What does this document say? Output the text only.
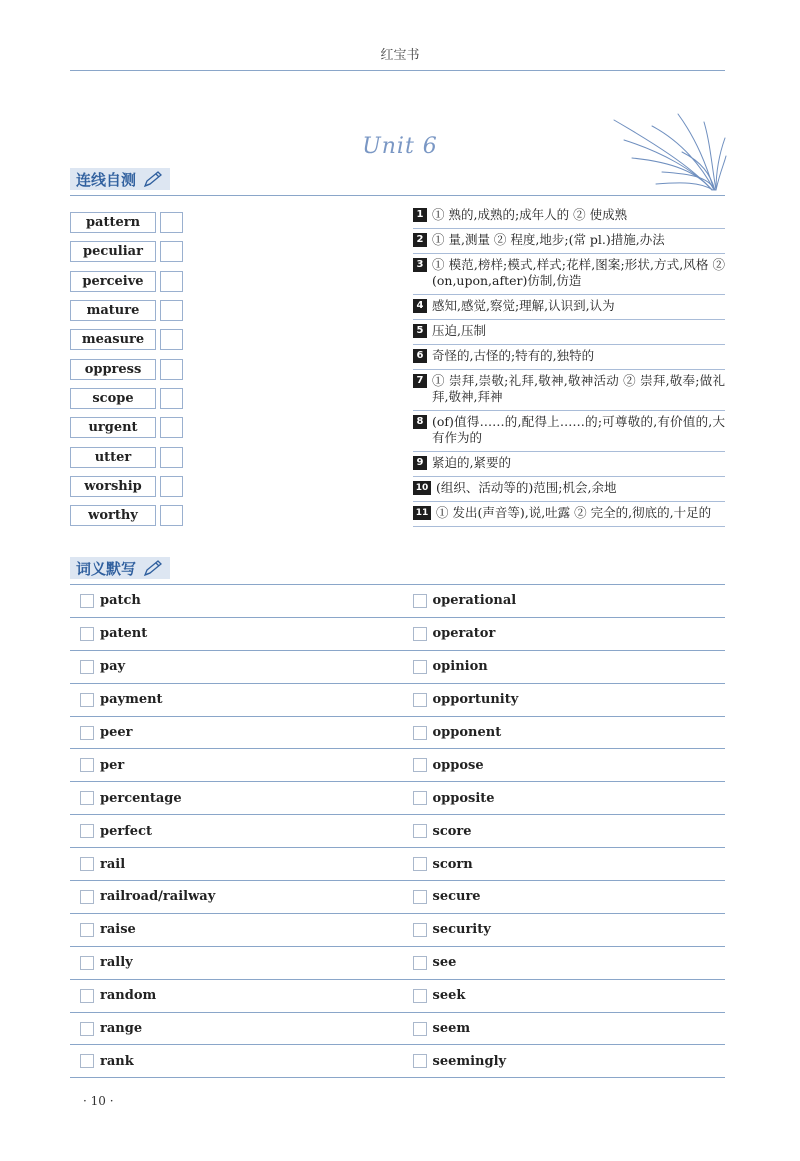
红宝书
Unit 6
连线自测
pattern
peculiar
perceive
mature
measure
oppress
scope
urgent
utter
worship
worthy
1 ① 熟的,成熟的;成年人的 ② 使成熟
2 ① 量,测量 ② 程度,地步;(常 pl.)措施,办法
3 ① 模范,榜样;模式,样式;花样,图案;形状,方式,风格 ② (on,upon,after)仿制,仿造
4 感知,感觉,察觉;理解,认识到,认为
5 压迫,压制
6 奇怪的,古怪的;特有的,独特的
7 ① 崇拜,崇敬;礼拜,敬神,敬神活动 ② 崇拜,敬奉;做礼拜,敬神,拜神
8 (of)值得……的,配得上……的;可尊敬的,有价值的,大有作为的
9 紧迫的,紧要的
10 (组织、活动等的)范围;机会,余地
11 ① 发出(声音等),说,吐露 ② 完全的,彻底的,十足的
词义默写
patch	operational
patent	operator
pay	opinion
payment	opportunity
peer	opponent
per	oppose
percentage	opposite
perfect	score
rail	scorn
railroad/railway	secure
raise	security
rally	see
random	seek
range	seem
rank	seemingly
· 10 ·
